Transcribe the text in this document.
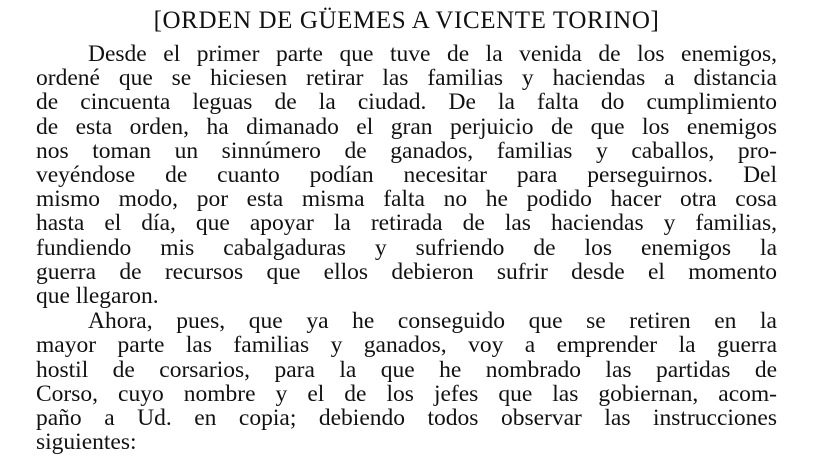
[ORDEN DE GÜEMES A VICENTE TORINO]
Desde el primer parte que tuve de la venida de los enemigos,
ordené que se hiciesen retirar las familias y haciendas a distancia
de cincuenta leguas de la ciudad. De la falta do cumplimiento
de esta orden, ha dimanado el gran perjuicio de que los enemigos
nos toman un sinnúmero de ganados, familias y caballos, pro-
veyéndose de cuanto podían necesitar para perseguirnos. Del
mismo modo, por esta misma falta no he podido hacer otra cosa
hasta el día, que apoyar la retirada de las haciendas y familias,
fundiendo mis cabalgaduras y sufriendo de los enemigos la
guerra de recursos que ellos debieron sufrir desde el momento
que llegaron.
Ahora, pues, que ya he conseguido que se retiren en la
mayor parte las familias y ganados, voy a emprender la guerra
hostil de corsarios, para la que he nombrado las partidas de
Corso, cuyo nombre y el de los jefes que las gobiernan, acom-
paño a Ud. en copia; debiendo todos observar las instrucciones
siguientes:
